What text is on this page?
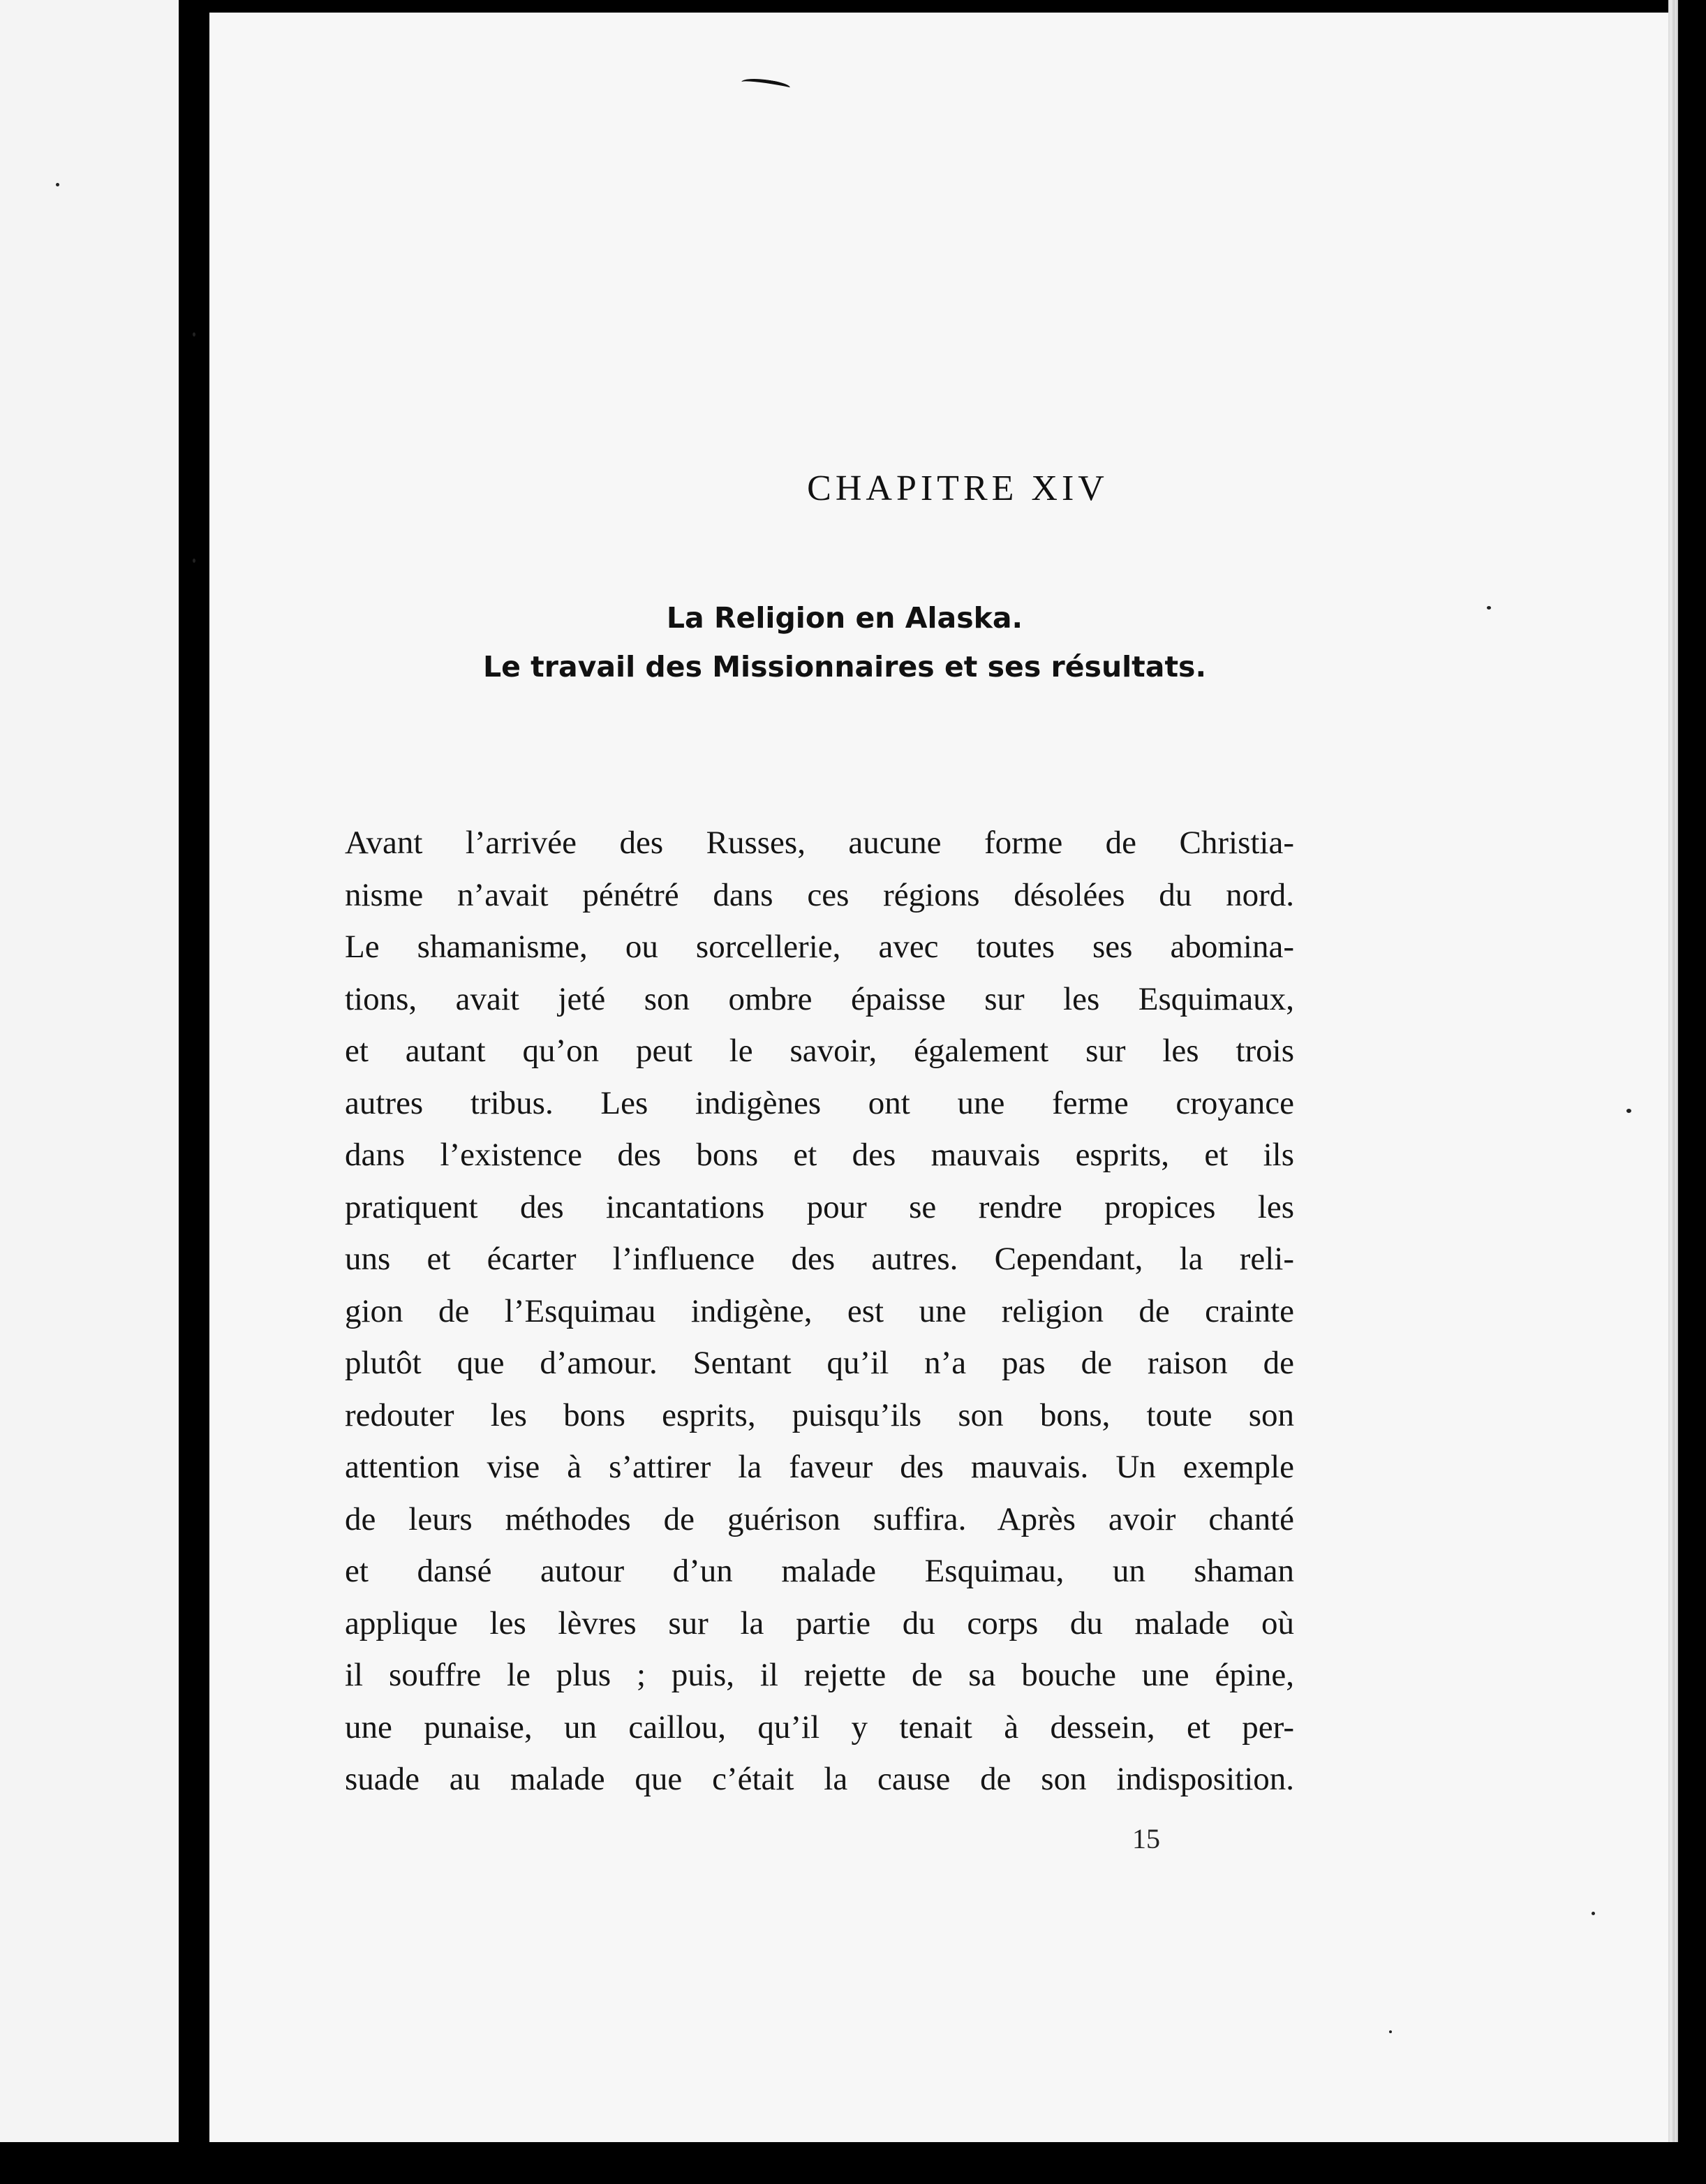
CHAPITRE XIV
La Religion en Alaska.
Le travail des Missionnaires et ses résultats.
Avant l’arrivée des Russes, aucune forme de Christia-
nisme n’avait pénétré dans ces régions désolées du nord.
Le shamanisme, ou sorcellerie, avec toutes ses abomina-
tions, avait jeté son ombre épaisse sur les Esquimaux,
et autant qu’on peut le savoir, également sur les trois
autres tribus. Les indigènes ont une ferme croyance
dans l’existence des bons et des mauvais esprits, et ils
pratiquent des incantations pour se rendre propices les
uns et écarter l’influence des autres. Cependant, la reli-
gion de l’Esquimau indigène, est une religion de crainte
plutôt que d’amour. Sentant qu’il n’a pas de raison de
redouter les bons esprits, puisqu’ils son bons, toute son
attention vise à s’attirer la faveur des mauvais. Un exemple
de leurs méthodes de guérison suffira. Après avoir chanté
et dansé autour d’un malade Esquimau, un shaman
applique les lèvres sur la partie du corps du malade où
il souffre le plus ; puis, il rejette de sa bouche une épine,
une punaise, un caillou, qu’il y tenait à dessein, et per-
suade au malade que c’était la cause de son indisposition.
15
